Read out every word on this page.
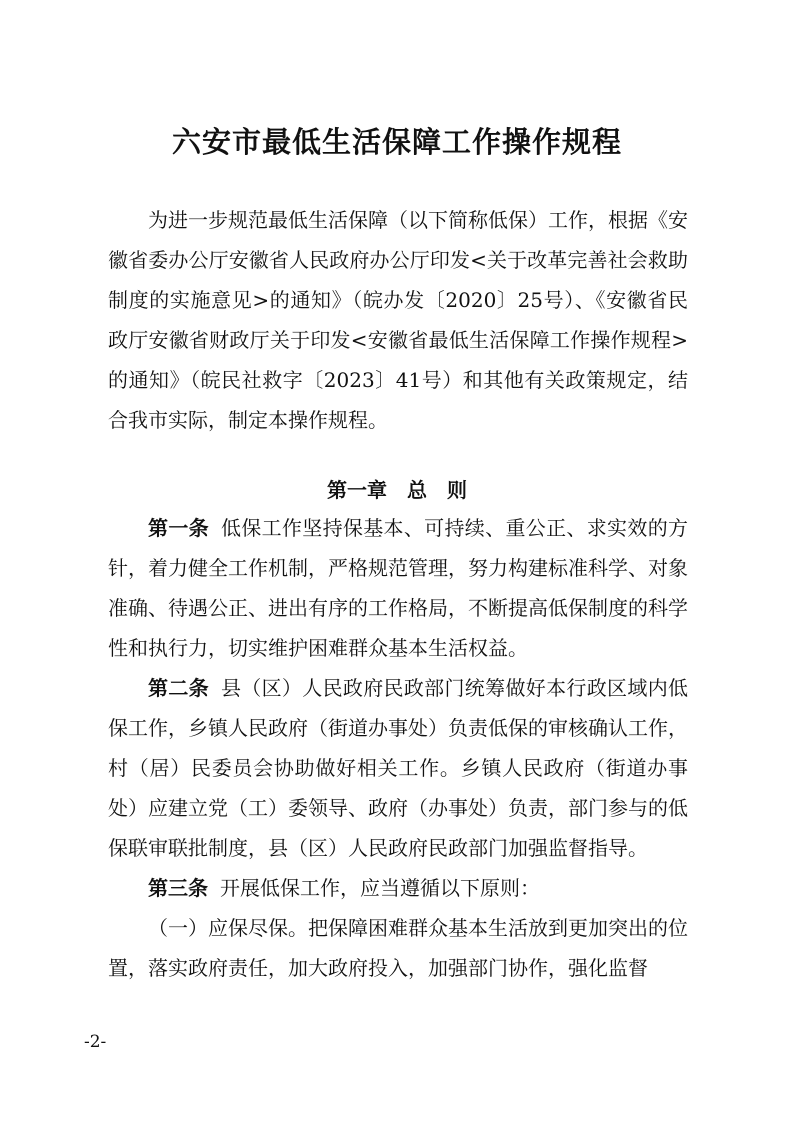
六安市最低生活保障工作操作规程

为进一步规范最低生活保障（以下简称低保）工作，根据《安徽省委办公厅安徽省人民政府办公厅印发<关于改革完善社会救助制度的实施意见>的通知》（皖办发〔2020〕25号）、《安徽省民政厅安徽省财政厅关于印发<安徽省最低生活保障工作操作规程>的通知》（皖民社救字〔2023〕41号）和其他有关政策规定，结合我市实际，制定本操作规程。

第一章　总　则

第一条 低保工作坚持保基本、可持续、重公正、求实效的方针，着力健全工作机制，严格规范管理，努力构建标准科学、对象准确、待遇公正、进出有序的工作格局，不断提高低保制度的科学性和执行力，切实维护困难群众基本生活权益。

第二条 县（区）人民政府民政部门统筹做好本行政区域内低保工作，乡镇人民政府（街道办事处）负责低保的审核确认工作，村（居）民委员会协助做好相关工作。乡镇人民政府（街道办事处）应建立党（工）委领导、政府（办事处）负责，部门参与的低保联审联批制度，县（区）人民政府民政部门加强监督指导。

第三条 开展低保工作，应当遵循以下原则：

（一）应保尽保。把保障困难群众基本生活放到更加突出的位置，落实政府责任，加大政府投入，加强部门协作，强化监督

-2-
